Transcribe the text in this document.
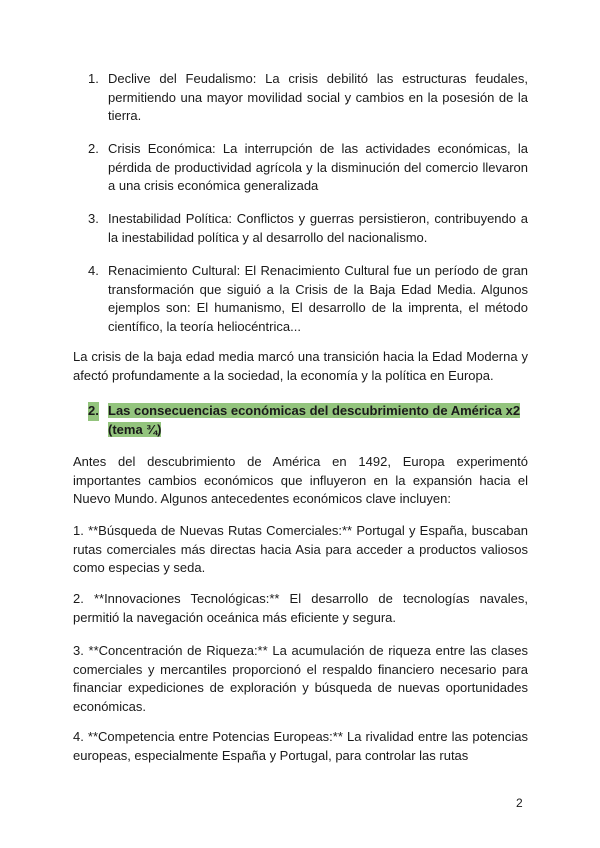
1. Declive del Feudalismo: La crisis debilitó las estructuras feudales, permitiendo una mayor movilidad social y cambios en la posesión de la tierra.
2. Crisis Económica: La interrupción de las actividades económicas, la pérdida de productividad agrícola y la disminución del comercio llevaron a una crisis económica generalizada
3. Inestabilidad Política: Conflictos y guerras persistieron, contribuyendo a la inestabilidad política y al desarrollo del nacionalismo.
4. Renacimiento Cultural: El Renacimiento Cultural fue un período de gran transformación que siguió a la Crisis de la Baja Edad Media. Algunos ejemplos son: El humanismo, El desarrollo de la imprenta, el método científico, la teoría heliocéntrica...
La crisis de la baja edad media marcó una transición hacia la Edad Moderna y afectó profundamente a la sociedad, la economía y la política en Europa.
2. Las consecuencias económicas del descubrimiento de América x2
(tema ¾)
Antes del descubrimiento de América en 1492, Europa experimentó importantes cambios económicos que influyeron en la expansión hacia el Nuevo Mundo. Algunos antecedentes económicos clave incluyen:
1. **Búsqueda de Nuevas Rutas Comerciales:** Portugal y España, buscaban rutas comerciales más directas hacia Asia para acceder a productos valiosos como especias y seda.
2. **Innovaciones Tecnológicas:** El desarrollo de tecnologías navales, permitió la navegación oceánica más eficiente y segura.
3. **Concentración de Riqueza:** La acumulación de riqueza entre las clases comerciales y mercantiles proporcionó el respaldo financiero necesario para financiar expediciones de exploración y búsqueda de nuevas oportunidades económicas.
4. **Competencia entre Potencias Europeas:** La rivalidad entre las potencias europeas, especialmente España y Portugal, para controlar las rutas
2
